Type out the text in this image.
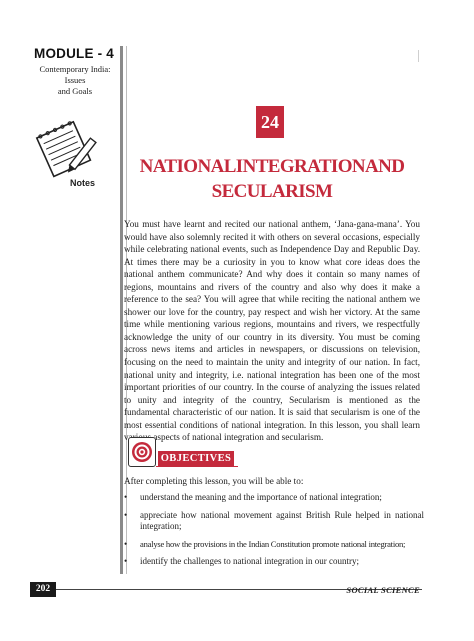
MODULE - 4
Contemporary India: Issues
and Goals
Notes
24
NATIONALINTEGRATIONAND
SECULARISM

You must have learnt and recited our national anthem, ‘Jana-gana-mana’. You would have also solemnly recited it with others on several occasions, especially while celebrating national events, such as Independence Day and Republic Day. At times there may be a curiosity in you to know what core ideas does the national anthem communicate? And why does it contain so many names of regions, mountains and rivers of the country and also why does it make a reference to the sea? You will agree that while reciting the national anthem we shower our love for the country, pay respect and wish her victory. At the same time while mentioning various regions, mountains and rivers, we respectfully acknowledge the unity of our country in its diversity. You must be coming across news items and articles in newspapers, or discussions on television, focusing on the need to maintain the unity and integrity of our nation. In fact, national unity and integrity, i.e. national integration has been one of the most important priorities of our country. In the course of analyzing the issues related to unity and integrity of the country, Secularism is mentioned as the fundamental characteristic of our nation. It is said that secularism is one of the most essential conditions of national integration. In this lesson, you shall learn various aspects of national integration and secularism.

OBJECTIVES
After completing this lesson, you will be able to:
• understand the meaning and the importance of national integration;
• appreciate how national movement against British Rule helped in national integration;
• analyse how the provisions in the Indian Constitution promote national integration;
• identify the challenges to national integration in our country;
202	SOCIAL SCIENCE
